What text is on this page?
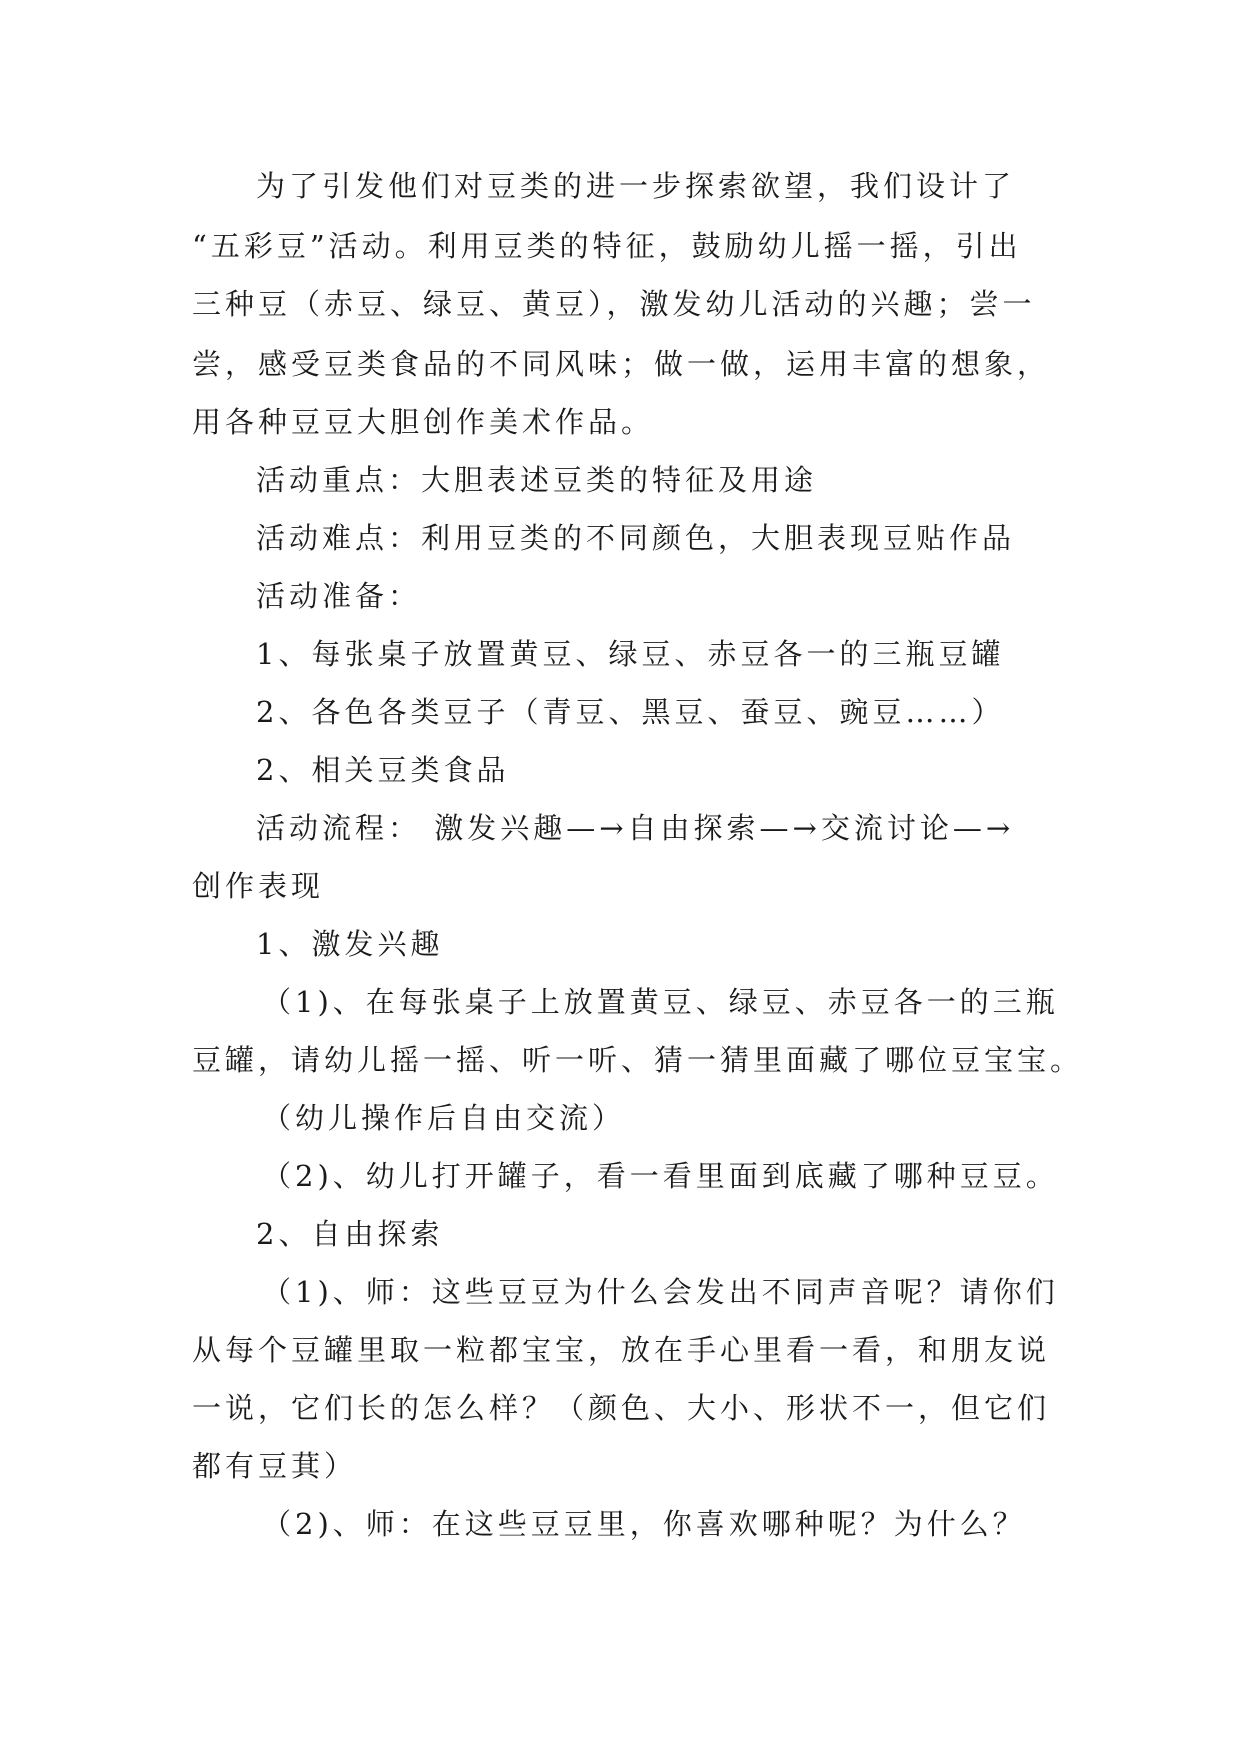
为了引发他们对豆类的进一步探索欲望，我们设计了
“五彩豆”活动。利用豆类的特征，鼓励幼儿摇一摇，引出
三种豆（赤豆、绿豆、黄豆），激发幼儿活动的兴趣；尝一
尝，感受豆类食品的不同风味；做一做，运用丰富的想象，
用各种豆豆大胆创作美术作品。
活动重点：大胆表述豆类的特征及用途
活动难点：利用豆类的不同颜色，大胆表现豆贴作品
活动准备：
1、每张桌子放置黄豆、绿豆、赤豆各一的三瓶豆罐
2、各色各类豆子（青豆、黑豆、蚕豆、豌豆……）
2、相关豆类食品
活动流程： 激发兴趣—→自由探索—→交流讨论—→
创作表现
1、激发兴趣
（1)、在每张桌子上放置黄豆、绿豆、赤豆各一的三瓶
豆罐，请幼儿摇一摇、听一听、猜一猜里面藏了哪位豆宝宝。
（幼儿操作后自由交流）
（2)、幼儿打开罐子，看一看里面到底藏了哪种豆豆。
2、自由探索
（1)、师：这些豆豆为什么会发出不同声音呢？请你们
从每个豆罐里取一粒都宝宝，放在手心里看一看，和朋友说
一说，它们长的怎么样？（颜色、大小、形状不一，但它们
都有豆萁）
（2)、师：在这些豆豆里，你喜欢哪种呢？为什么？
